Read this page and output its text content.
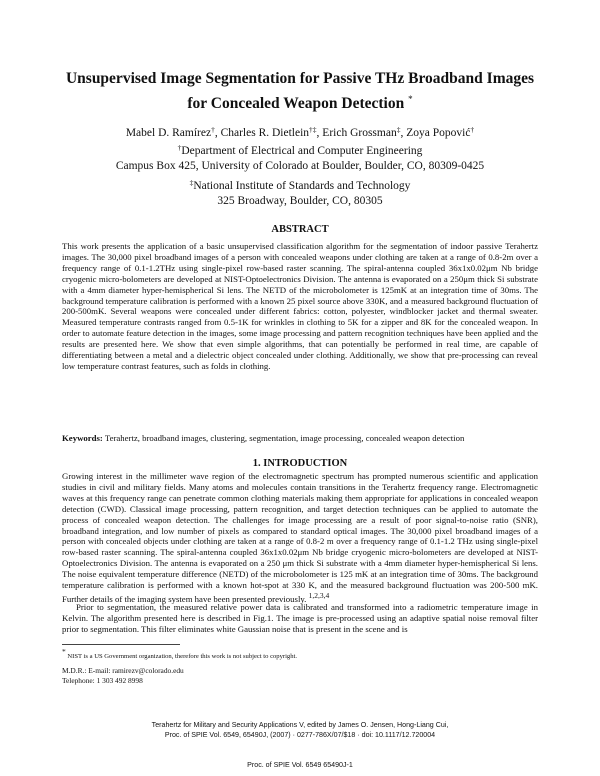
Unsupervised Image Segmentation for Passive THz Broadband Images
for Concealed Weapon Detection *
Mabel D. Ramírez†, Charles R. Dietlein†‡, Erich Grossman‡, Zoya Popović†
†Department of Electrical and Computer Engineering
Campus Box 425, University of Colorado at Boulder, Boulder, CO, 80309-0425
‡National Institute of Standards and Technology
325 Broadway, Boulder, CO, 80305
ABSTRACT
This work presents the application of a basic unsupervised classification algorithm for the segmentation of indoor passive Terahertz images. The 30,000 pixel broadband images of a person with concealed weapons under clothing are taken at a range of 0.8-2m over a frequency range of 0.1-1.2THz using single-pixel row-based raster scanning. The spiral-antenna coupled 36x1x0.02μm Nb bridge cryogenic micro-bolometers are developed at NIST-Optoelectronics Division. The antenna is evaporated on a 250μm thick Si substrate with a 4mm diameter hyper-hemispherical Si lens. The NETD of the microbolometer is 125mK at an integration time of 30ms. The background temperature calibration is performed with a known 25 pixel source above 330K, and a measured background fluctuation of 200-500mK. Several weapons were concealed under different fabrics: cotton, polyester, windblocker jacket and thermal sweater. Measured temperature contrasts ranged from 0.5-1K for wrinkles in clothing to 5K for a zipper and 8K for the concealed weapon. In order to automate feature detection in the images, some image processing and pattern recognition techniques have been applied and the results are presented here. We show that even simple algorithms, that can potentially be performed in real time, are capable of differentiating between a metal and a dielectric object concealed under clothing. Additionally, we show that pre-processing can reveal low temperature contrast features, such as folds in clothing.
Keywords: Terahertz, broadband images, clustering, segmentation, image processing, concealed weapon detection
1. INTRODUCTION
Growing interest in the millimeter wave region of the electromagnetic spectrum has prompted numerous scientific and application studies in civil and military fields. Many atoms and molecules contain transitions in the Terahertz frequency range. Electromagnetic waves at this frequency range can penetrate common clothing materials making them appropriate for applications in concealed weapon detection (CWD). Classical image processing, pattern recognition, and target detection techniques can be applied to automate the process of concealed weapon detection. The challenges for image processing are a result of poor signal-to-noise ratio (SNR), broadband integration, and low number of pixels as compared to standard optical images. The 30,000 pixel broadband images of a person with concealed objects under clothing are taken at a range of 0.8-2 m over a frequency range of 0.1-1.2 THz using single-pixel row-based raster scanning. The spiral-antenna coupled 36x1x0.02μm Nb bridge cryogenic micro-bolometers are developed at NIST-Optoelectronics Division. The antenna is evaporated on a 250 μm thick Si substrate with a 4mm diameter hyper-hemispherical Si lens. The noise equivalent temperature difference (NETD) of the microbolometer is 125 mK at an integration time of 30ms. The background temperature calibration is performed with a known hot-spot at 330 K, and the measured background fluctuation was 200-500 mK. Further details of the imaging system have been presented previously. $^{1,2,3,4}$
Prior to segmentation, the measured relative power data is calibrated and transformed into a radiometric temperature image in Kelvin. The algorithm presented here is described in Fig.1. The image is pre-processed using an adaptive spatial noise removal filter prior to segmentation. This filter eliminates white Gaussian noise that is present in the scene and is
* NIST is a US Government organization, therefore this work is not subject to copyright.
M.D.R.: E-mail: ramirezv@colorado.edu
Telephone: 1 303 492 8998
Terahertz for Military and Security Applications V, edited by James O. Jensen, Hong-Liang Cui,
Proc. of SPIE Vol. 6549, 65490J, (2007) · 0277-786X/07/$18 · doi: 10.1117/12.720004
Proc. of SPIE Vol. 6549 65490J-1
